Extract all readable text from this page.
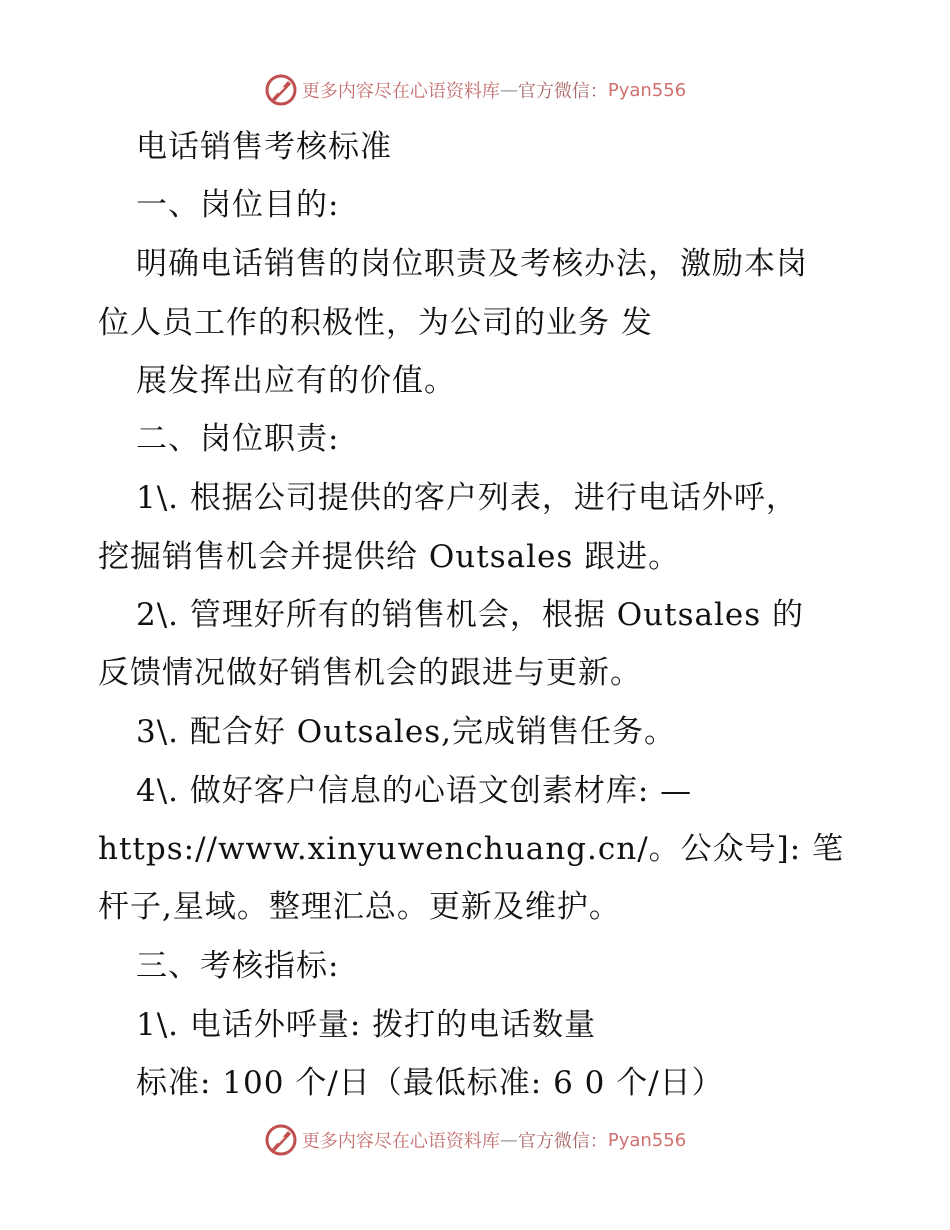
更多内容尽在心语资料库 — 官方微信： Pyan556
电话销售考核标准
一、岗位目的:
明确电话销售的岗位职责及考核办法，激励本岗
位人员工作的积极性，为公司的业务 发
展发挥出应有的价值。
二、岗位职责:
1\. 根据公司提供的客户列表，进行电话外呼，
挖掘销售机会并提供给 Outsales 跟进。
2\. 管理好所有的销售机会，根据 Outsales 的
反馈情况做好销售机会的跟进与更新。
3\. 配合好 Outsales,完成销售任务。
4\. 做好客户信息的心语文创素材库: —
https://www.xinyuwenchuang.cn/。公众号]: 笔
杆子,星域。整理汇总。更新及维护。
三、考核指标:
1\. 电话外呼量: 拨打的电话数量
标准: 100 个/日（最低标准: 6 0 个/日）
更多内容尽在心语资料库 — 官方微信： Pyan556
